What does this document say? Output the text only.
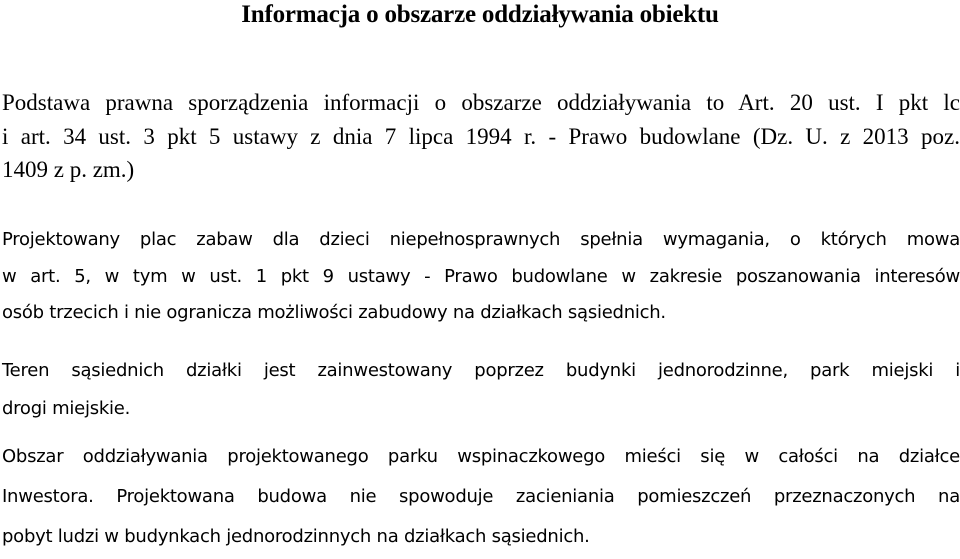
Informacja o obszarze oddziaływania obiektu
Podstawa prawna sporządzenia informacji o obszarze oddziaływania to Art. 20 ust. I pkt lc
i art. 34 ust. 3 pkt 5 ustawy z dnia 7 lipca 1994 r. - Prawo budowlane (Dz. U. z 2013 poz.
1409 z p. zm.)
Projektowany plac zabaw dla dzieci niepełnosprawnych spełnia wymagania, o których mowa
w art. 5, w tym w ust. 1 pkt 9 ustawy - Prawo budowlane w zakresie poszanowania interesów
osób trzecich i nie ogranicza możliwości zabudowy na działkach sąsiednich.
Teren sąsiednich działki jest zainwestowany poprzez budynki jednorodzinne, park miejski i
drogi miejskie.
Obszar oddziaływania projektowanego parku wspinaczkowego mieści się w całości na działce
Inwestora. Projektowana budowa nie spowoduje zacieniania pomieszczeń przeznaczonych na
pobyt ludzi w budynkach jednorodzinnych na działkach sąsiednich.
